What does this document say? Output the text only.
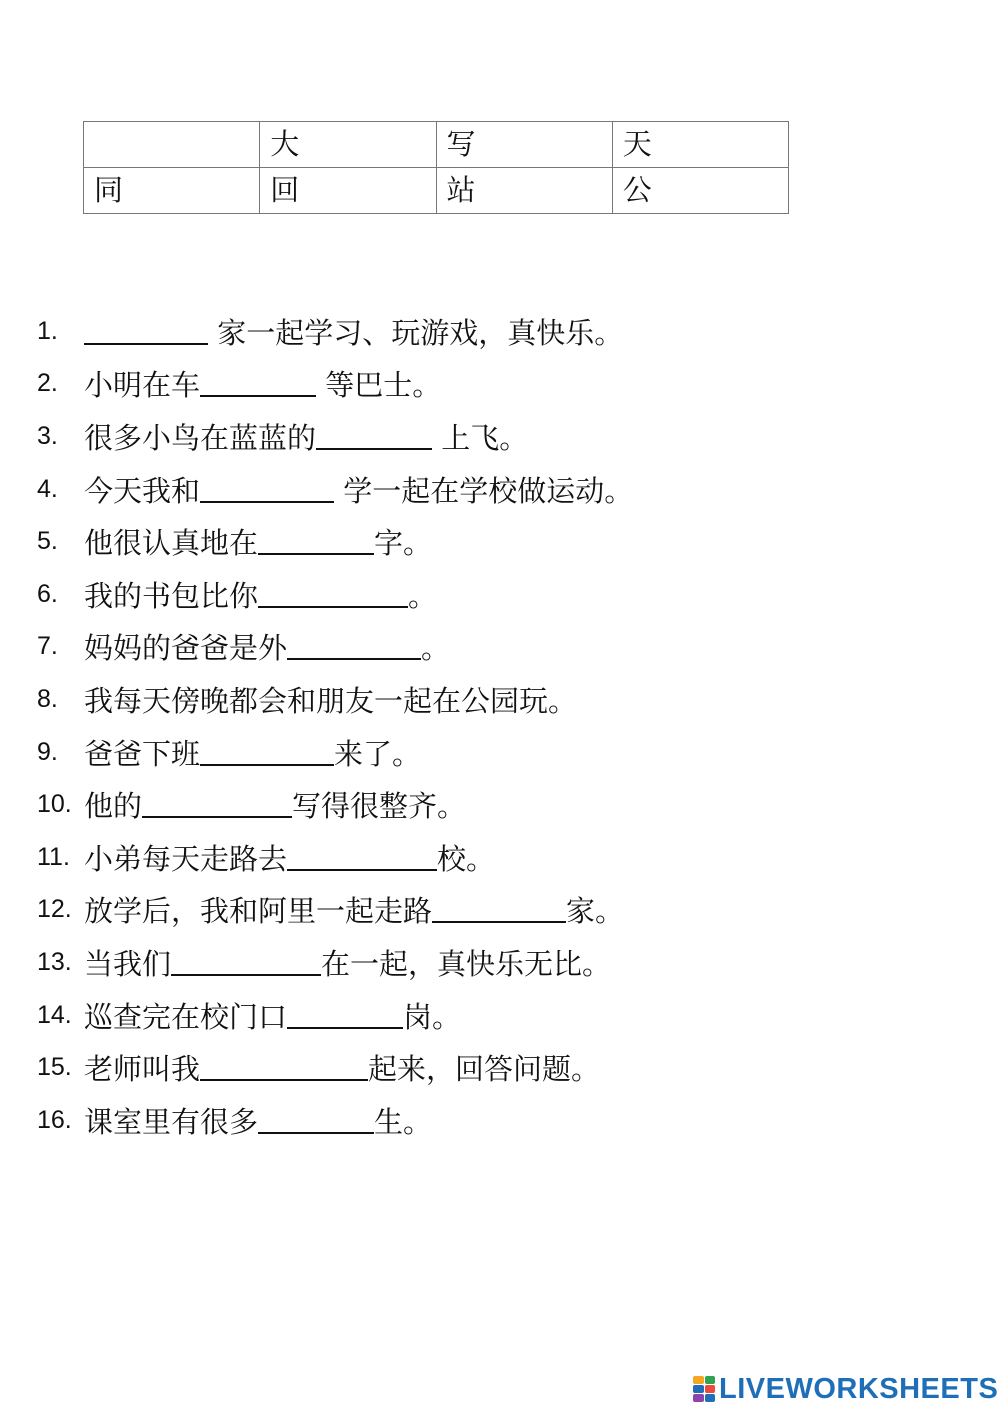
	大	写	天
同	回	站	公
1.	家一起学习、玩游戏，真快乐。
2. 小明在车	等巴士。
3. 很多小鸟在蓝蓝的	上飞。
4. 今天我和	学一起在学校做运动。
5. 他很认真地在	字。
6. 我的书包比你	。
7. 妈妈的爸爸是外	。
8. 我每天傍晚都会和朋友一起在公园玩。
9. 爸爸下班	来了。
10. 他的	写得很整齐。
11. 小弟每天走路去	校。
12. 放学后，我和阿里一起走路	家。
13. 当我们	在一起，真快乐无比。
14. 巡查完在校门口	岗。
15. 老师叫我	起来，回答问题。
16. 课室里有很多	生。
LIVEWORKSHEETS
